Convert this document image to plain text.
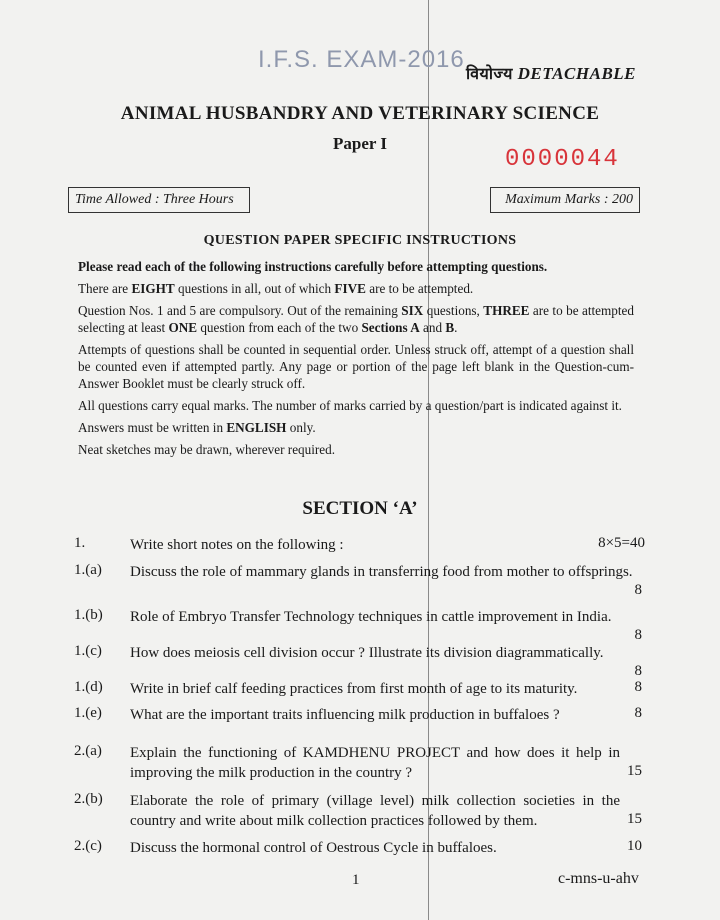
I.F.S. EXAM-2016
वियोज्य DETACHABLE
ANIMAL HUSBANDRY AND VETERINARY SCIENCE
Paper I
0000044
Time Allowed : Three Hours	Maximum Marks : 200
QUESTION PAPER SPECIFIC INSTRUCTIONS

Please read each of the following instructions carefully before attempting questions.

There are EIGHT questions in all, out of which FIVE are to be attempted.

Question Nos. 1 and 5 are compulsory. Out of the remaining SIX questions, THREE are to be attempted selecting at least ONE question from each of the two Sections A and B.

Attempts of questions shall be counted in sequential order. Unless struck off, attempt of a question shall be counted even if attempted partly. Any page or portion of the page left blank in the Question-cum-Answer Booklet must be clearly struck off.

All questions carry equal marks. The number of marks carried by a question/part is indicated against it.

Answers must be written in ENGLISH only.

Neat sketches may be drawn, wherever required.

SECTION ‘A’
1.	Write short notes on the following :	8×5=40
1.(a) Discuss the role of mammary glands in transferring food from mother to offsprings.
8
1.(b) Role of Embryo Transfer Technology techniques in cattle improvement in India.
8
1.(c) How does meiosis cell division occur ? Illustrate its division diagrammatically.
8
1.(d) Write in brief calf feeding practices from first month of age to its maturity.	8
1.(e) What are the important traits influencing milk production in buffaloes ?	8
2.(a) Explain the functioning of KAMDHENU PROJECT and how does it help in improving the milk production in the country ?	15
2.(b) Elaborate the role of primary (village level) milk collection societies in the country and write about milk collection practices followed by them.	15
2.(c) Discuss the hormonal control of Oestrous Cycle in buffaloes.	10
1	c-mns-u-ahv
